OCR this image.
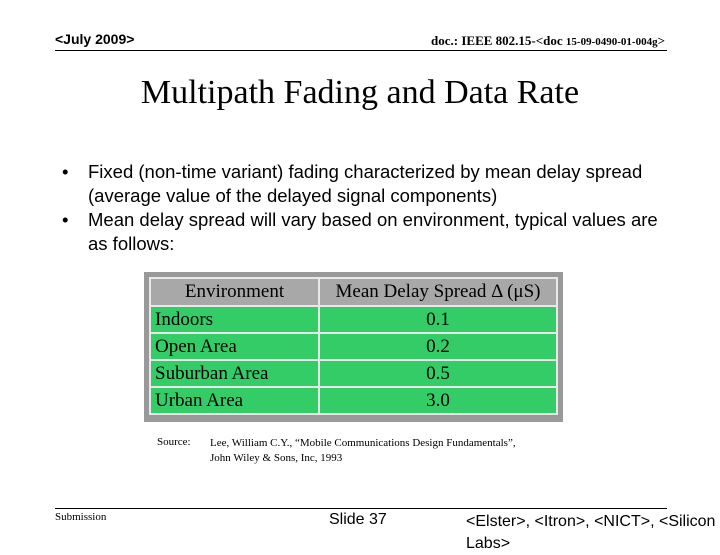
<July 2009>	doc.: IEEE 802.15-<doc 15-09-0490-01-004g>
Multipath Fading and Data Rate
• Fixed (non-time variant) fading characterized by mean delay spread (average value of the delayed signal components)
• Mean delay spread will vary based on environment, typical values are as follows:
Environment	Mean Delay Spread Δ (μS)
Indoors	0.1
Open Area	0.2
Suburban Area	0.5
Urban Area	3.0
Source: Lee, William C.Y., “Mobile Communications Design Fundamentals”,
John Wiley & Sons, Inc, 1993
Submission	Slide 37	<Elster>, <Itron>, <NICT>, <Silicon Labs>
